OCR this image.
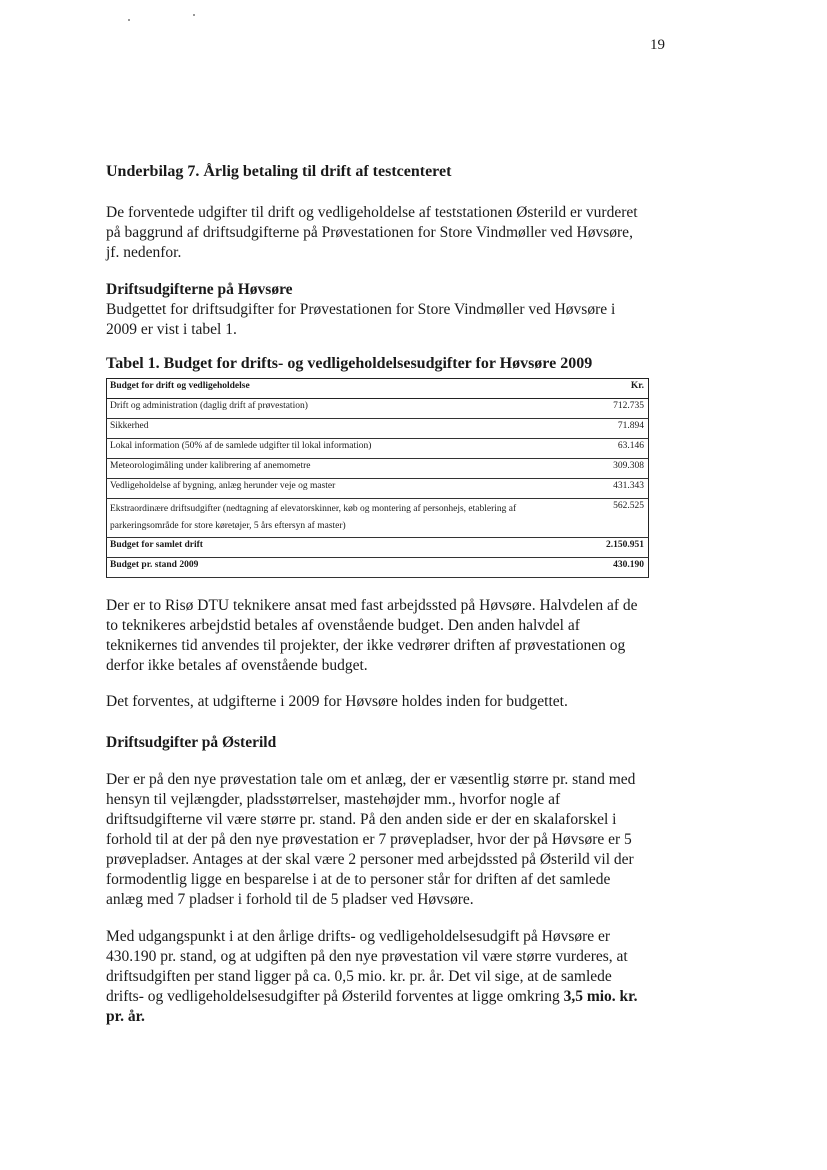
19
Underbilag 7. Årlig betaling til drift af testcenteret

De forventede udgifter til drift og vedligeholdelse af teststationen Østerild er vurderet på baggrund af driftsudgifterne på Prøvestationen for Store Vindmøller ved Høvsøre, jf. nedenfor.

Driftsudgifterne på Høvsøre

Budgettet for driftsudgifter for Prøvestationen for Store Vindmøller ved Høvsøre i 2009 er vist i tabel 1.

Tabel 1. Budget for drifts- og vedligeholdelsesudgifter for Høvsøre 2009
Budget for drift og vedligeholdelse	Kr.
Drift og administration (daglig drift af prøvestation)	712.735
Sikkerhed	71.894
Lokal information (50% af de samlede udgifter til lokal information)	63.146
Meteorologimåling under kalibrering af anemometre	309.308
Vedligeholdelse af bygning, anlæg herunder veje og master	431.343
Ekstraordinære driftsudgifter (nedtagning af elevatorskinner, køb og montering af personhejs, etablering af parkeringsområde for store køretøjer, 5 års eftersyn af master)	562.525
Budget for samlet drift	2.150.951
Budget pr. stand 2009	430.190

Der er to Risø DTU teknikere ansat med fast arbejdssted på Høvsøre. Halvdelen af de to teknikeres arbejdstid betales af ovenstående budget. Den anden halvdel af teknikernes tid anvendes til projekter, der ikke vedrører driften af prøvestationen og derfor ikke betales af ovenstående budget.

Det forventes, at udgifterne i 2009 for Høvsøre holdes inden for budgettet.

Driftsudgifter på Østerild

Der er på den nye prøvestation tale om et anlæg, der er væsentlig større pr. stand med hensyn til vejlængder, pladsstørrelser, mastehøjder mm., hvorfor nogle af driftsudgifterne vil være større pr. stand. På den anden side er der en skalaforskel i forhold til at der på den nye prøvestation er 7 prøvepladser, hvor der på Høvsøre er 5 prøvepladser. Antages at der skal være 2 personer med arbejdssted på Østerild vil der formodentlig ligge en besparelse i at de to personer står for driften af det samlede anlæg med 7 pladser i forhold til de 5 pladser ved Høvsøre.

Med udgangspunkt i at den årlige drifts- og vedligeholdelsesudgift på Høvsøre er 430.190 pr. stand, og at udgiften på den nye prøvestation vil være større vurderes, at driftsudgiften per stand ligger på ca. 0,5 mio. kr. pr. år. Det vil sige, at de samlede drifts- og vedligeholdelsesudgifter på Østerild forventes at ligge omkring 3,5 mio. kr. pr. år.
